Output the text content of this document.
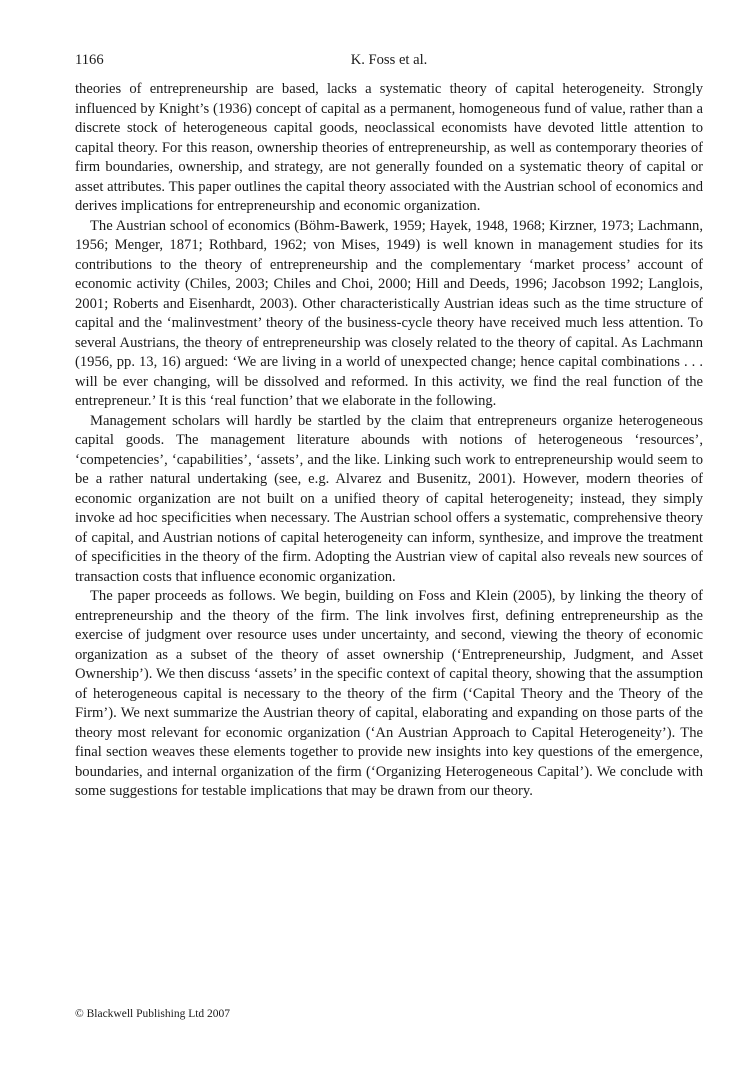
1166	K. Foss et al.

theories of entrepreneurship are based, lacks a systematic theory of capital heterogeneity. Strongly influenced by Knight’s (1936) concept of capital as a permanent, homogeneous fund of value, rather than a discrete stock of heterogeneous capital goods, neoclassical economists have devoted little attention to capital theory. For this reason, ownership theories of entrepreneurship, as well as contemporary theories of firm boundaries, ownership, and strategy, are not generally founded on a systematic theory of capital or asset attributes. This paper outlines the capital theory associated with the Austrian school of economics and derives implications for entrepreneurship and economic organization.

The Austrian school of economics (Böhm-Bawerk, 1959; Hayek, 1948, 1968; Kirzner, 1973; Lachmann, 1956; Menger, 1871; Rothbard, 1962; von Mises, 1949) is well known in management studies for its contributions to the theory of entrepreneurship and the complementary ‘market process’ account of economic activity (Chiles, 2003; Chiles and Choi, 2000; Hill and Deeds, 1996; Jacobson 1992; Langlois, 2001; Roberts and Eisenhardt, 2003). Other characteristically Austrian ideas such as the time structure of capital and the ‘malinvestment’ theory of the business-cycle theory have received much less attention. To several Austrians, the theory of entrepreneurship was closely related to the theory of capital. As Lachmann (1956, pp. 13, 16) argued: ‘We are living in a world of unexpected change; hence capital combinations . . . will be ever changing, will be dissolved and reformed. In this activity, we find the real function of the entrepreneur.’ It is this ‘real function’ that we elaborate in the following.

Management scholars will hardly be startled by the claim that entrepreneurs organize heterogeneous capital goods. The management literature abounds with notions of heterogeneous ‘resources’, ‘competencies’, ‘capabilities’, ‘assets’, and the like. Linking such work to entrepreneurship would seem to be a rather natural undertaking (see, e.g. Alvarez and Busenitz, 2001). However, modern theories of economic organization are not built on a unified theory of capital heterogeneity; instead, they simply invoke ad hoc specificities when necessary. The Austrian school offers a systematic, comprehensive theory of capital, and Austrian notions of capital heterogeneity can inform, synthesize, and improve the treatment of specificities in the theory of the firm. Adopting the Austrian view of capital also reveals new sources of transaction costs that influence economic organization.

The paper proceeds as follows. We begin, building on Foss and Klein (2005), by linking the theory of entrepreneurship and the theory of the firm. The link involves first, defining entrepreneurship as the exercise of judgment over resource uses under uncertainty, and second, viewing the theory of economic organization as a subset of the theory of asset ownership (‘Entrepreneurship, Judgment, and Asset Ownership’). We then discuss ‘assets’ in the specific context of capital theory, showing that the assumption of heterogeneous capital is necessary to the theory of the firm (‘Capital Theory and the Theory of the Firm’). We next summarize the Austrian theory of capital, elaborating and expanding on those parts of the theory most relevant for economic organization (‘An Austrian Approach to Capital Heterogeneity’). The final section weaves these elements together to provide new insights into key questions of the emergence, boundaries, and internal organization of the firm (‘Organizing Heterogeneous Capital’). We conclude with some suggestions for testable implications that may be drawn from our theory.

© Blackwell Publishing Ltd 2007
